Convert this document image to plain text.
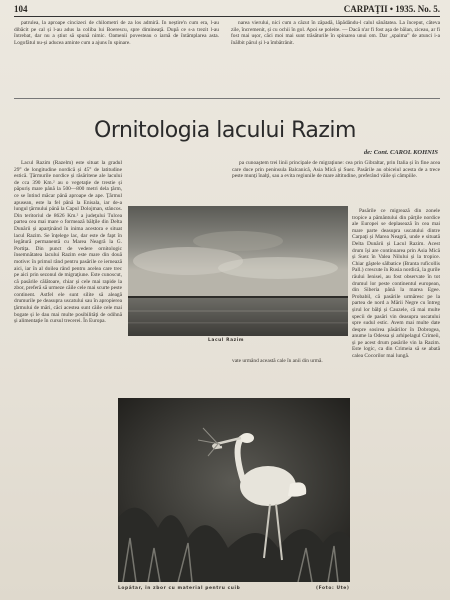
104	CARPAŢII • 1935. No. 5.

patrulea, la aproape cincizeci de chilometri de za los admirã. În neștire'n cum era, l-au dibãcit pe cal și l-au adus la coliba lui Boerescu, spre dimineaţă. După ce s-a trezit l-au întrebat, dar nu a știut să spună nimic. Oamenii povesteau o iarnă de întâmplarea asta. Logofătul nu-și aducea aminte cum a ajuns în spinare.

narea vierului, nici cum a căzut în zăpadă, lăpădându-l calul sănătatea. La început, câteva zile, încremenit, și cu ochii în gol. Apoi se poleite. — Dacă n'ar fi fost aşa de bălan, ziceau, ar fi fost mai ușor, căci moi mai sunt trăsăturile în spinarea unui om. Dar „spaima” de atunci i-a înălbit părul și l-a îmbătrânit.

Ornitologia lacului Razim
de: Cont. CAROL KOHNIS

Lacul Razim (Razelm) este situat la gradul 29° de longitudine nordică și 45° de latitudine estică. Ţărmurile nordice și răsăritene ale lacului de cca 390 Km.² au o vegetaţie de trestie și păpuriș mare până la 500—800 metri dela ţărm, ce se întind măcar până aproape de ape. Ţărmul apusean, este la fel până la Enisala, iar de-a lungul ţărmului până la Capul Dolojman, stâncos. Din teritoriul de 8626 Km.² a judeţului Tulcea partea cea mai mare o formează bălţile din Delta Dunării și aparţinând în inima acestora e situat lacul Razim. Se înţelege lac, dar este de fapt în legătură permanentă cu Marea Neagră la G. Portiţa. Din punct de vedere ornitologic însemnătatea lacului Razim este mare din două motive: în primul rând pentru pasările ce iernează aici, iar în al doilea rând pentru acelea care trec pe aici prin sezonul de migraţiune. Este cunoscut, că pasările călătoare, chiar și cele mai rapide la zbor, preferă să urmeze căile cele mai scurte peste continent. Astfel ele sunt silite să aleagă drumurile pe deasupra uscatului sau în apropierea ţărmului de mări, căci acestea sunt căile cele mai bogate și le dau mai multe posibilităţi de odihnă și alimentaţie în cursul trecerei. În Europa.

pa cunoaştem trei linii principale de migraţiune: cea prin Gibraltar, prin Italia și în fine acea care duce prin peninsula Balcanică, Asia Mică și Suez. Pasările au obiceiul acesta de a trece peste munţi înalţi, sau a evita regiunile de mare altitudine, preferând văile și câmpiile.

Pasările ce migrează din zonele tropice a pământului din părţile nordice ale Europei se deplasează în cea mai mare parte deasupra uscatului dintre Carpaţi și Marea Neagră, unde e situată Delta Dunării și Lacul Razim. Acest drum își are continuarea prin Asia Mică și Suez în Valea Nilului și la tropice. Chiar gâştele sălbatice (Branta ruficollis Pall.) crescute în Rusia nordică, la gurile râului Ienisei, au fost observate în tot drumul lor peste continentul european, din Siberia până la marea Egee. Probabil, că pasările urmăresc pe la partea de nord a Mării Negre cu întreg șirul lor bălţi și Cauzele, că mai multe specii de pasări vin deasupra uscatului spre sudul estic. Avem mai multe date despre sosirea păsărilor în Dobrogea, anume la Odessa și arhipelagul Crimeii, și pe acest drum pasările vin la Razim. Este logic, ca din Crimeia să se abată calea Cocorilor mai lungă.

Lacul Razim

vate urmând această cale în anii din urmă.

Lopătar, în zbor cu material pentru cuib	(Foto: Ute)
